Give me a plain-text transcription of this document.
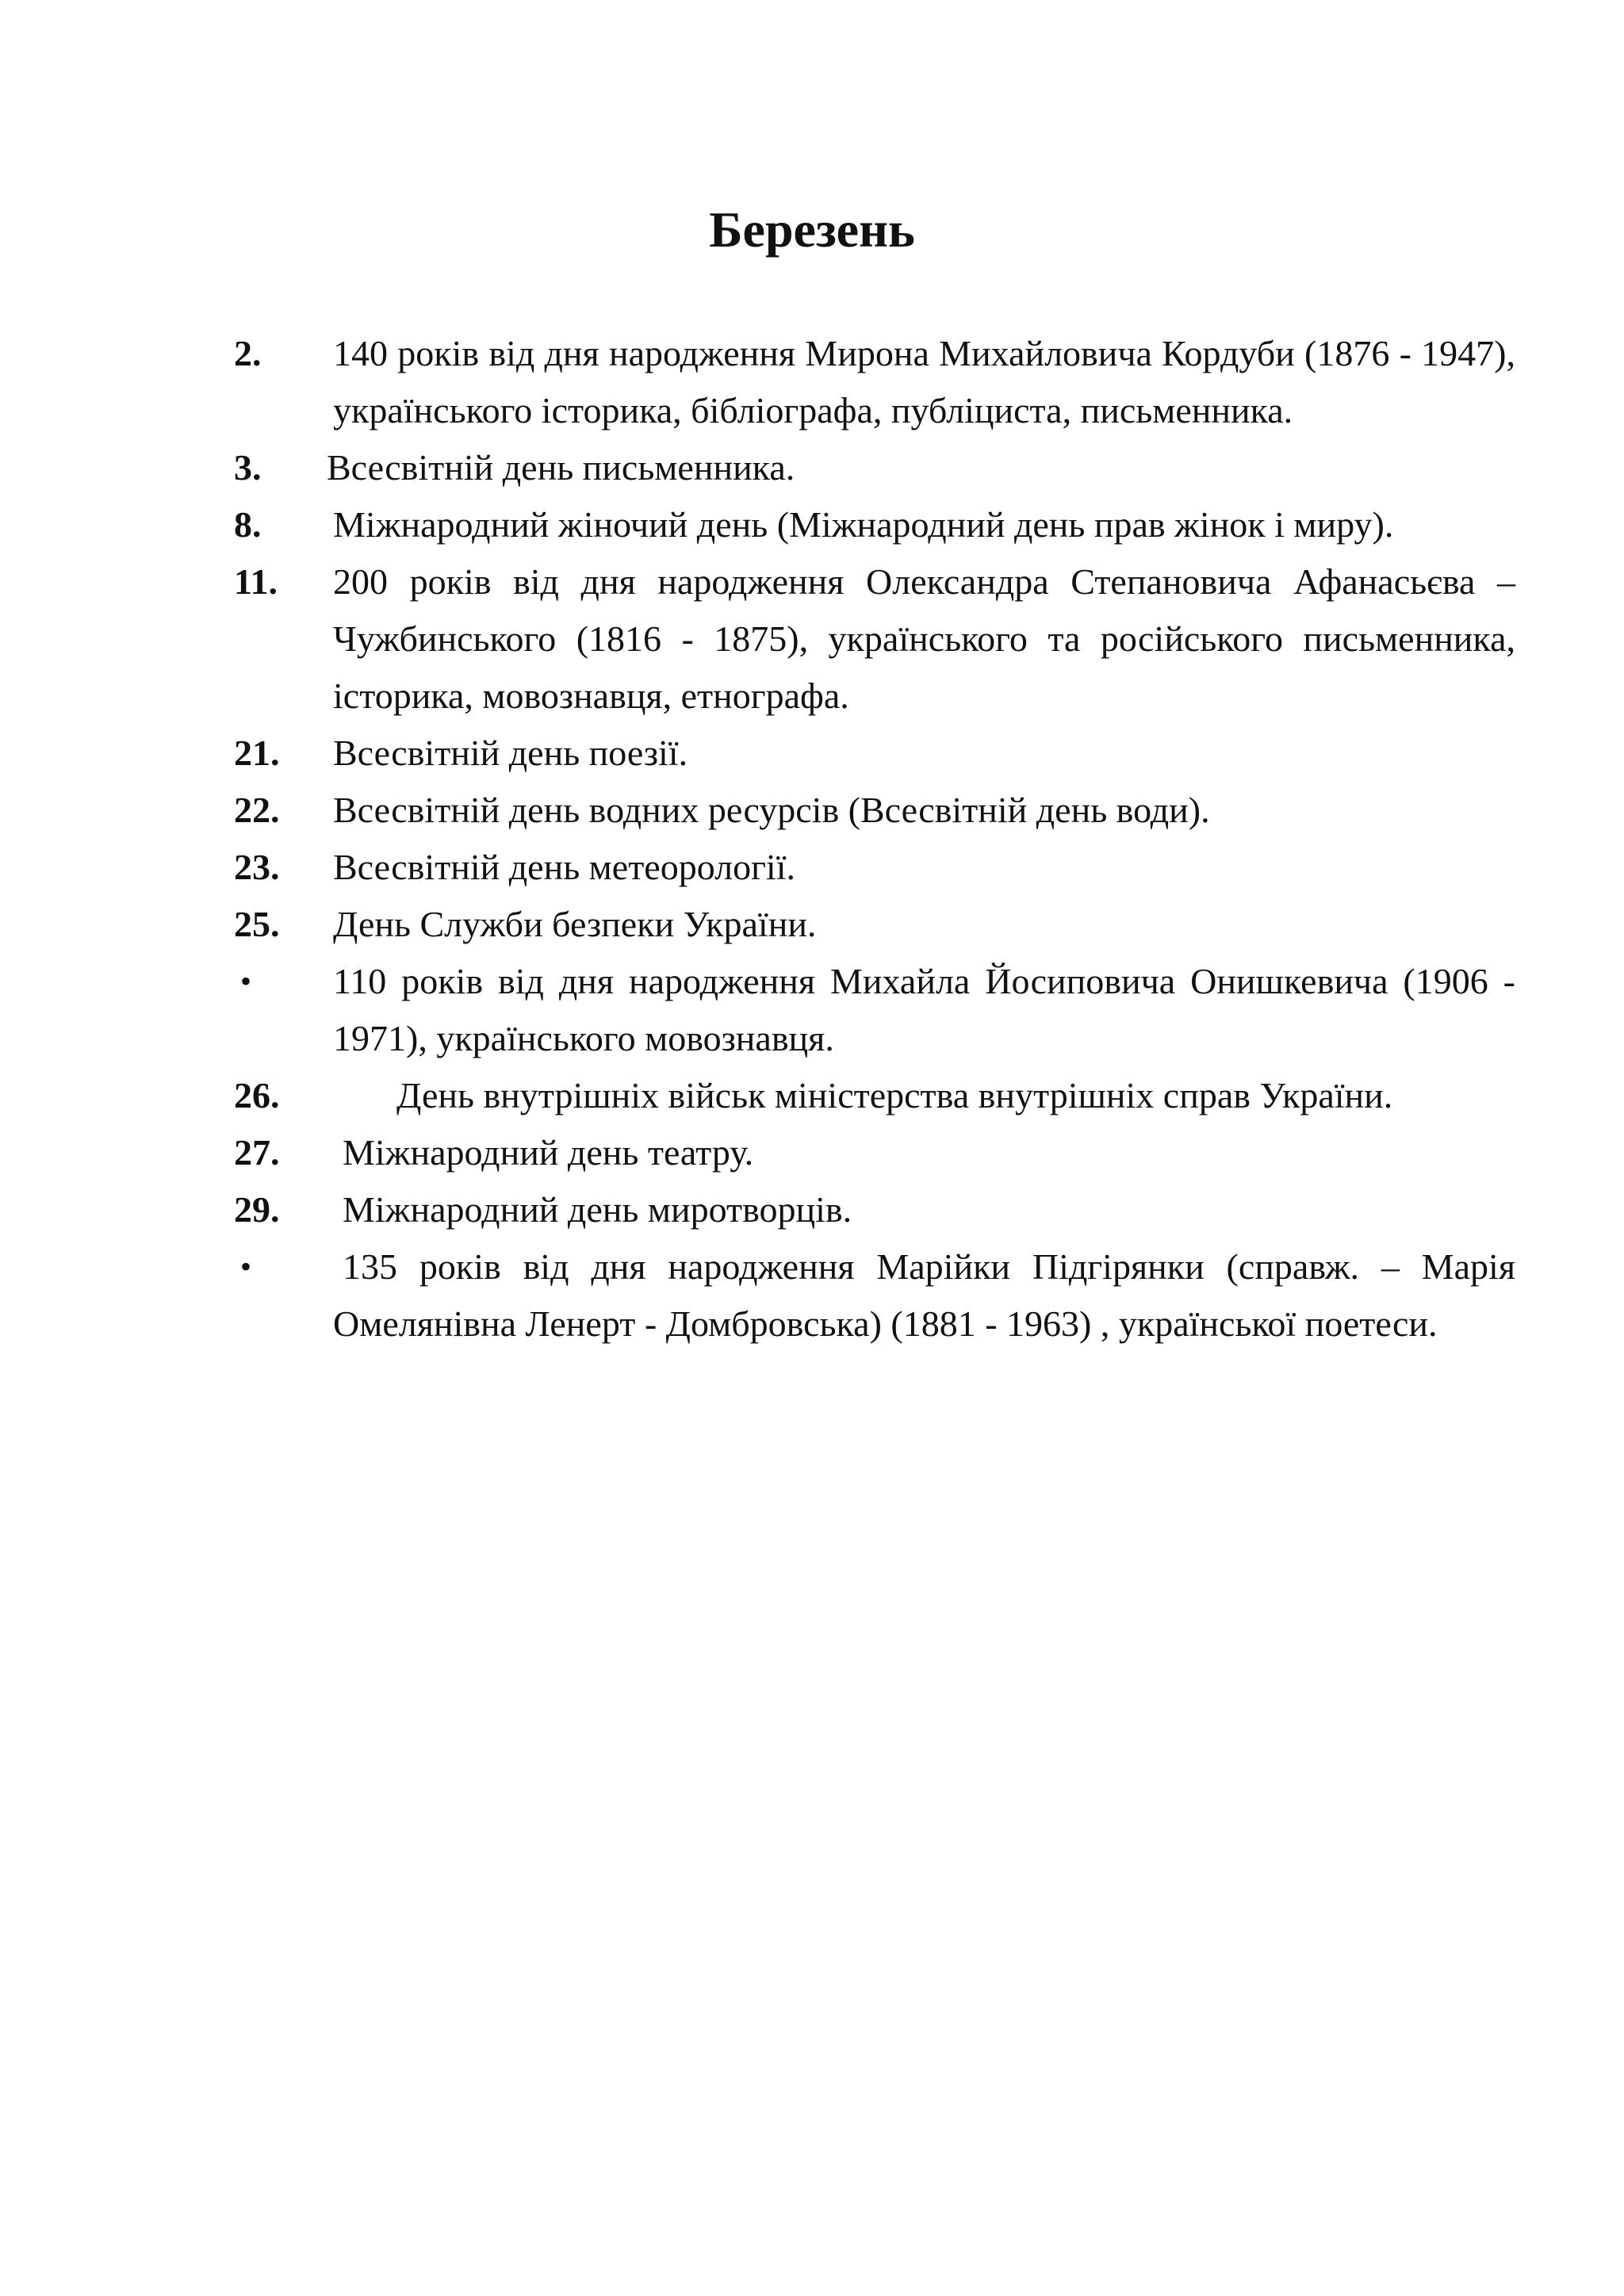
Березень
2.	140 років від дня народження Мирона Михайловича Кордуби (1876 - 1947), українського історика, бібліографа, публіциста, письменника.
3.	Всесвітній день письменника.
8.	Міжнародний жіночий день (Міжнародний день прав жінок і миру).
11.	200 років від дня народження Олександра Степановича Афанасьєва – Чужбинського (1816 - 1875), українського та російського письменника, історика, мовознавця, етнографа.
21.	Всесвітній день поезії.
22.	Всесвітній день водних ресурсів (Всесвітній день води).
23.	Всесвітній день метеорології.
25.	День Служби безпеки України.
•	110 років від дня народження Михайла Йосиповича Онишкевича (1906 - 1971), українського мовознавця.
26.	День внутрішніх військ міністерства внутрішніх справ України.
27.	Міжнародний день театру.
29.	Міжнародний день миротворців.
•	135 років від дня народження Марійки Підгірянки (справж. – Марія Омелянівна Ленерт - Домбровська) (1881 - 1963) , української поетеси.
